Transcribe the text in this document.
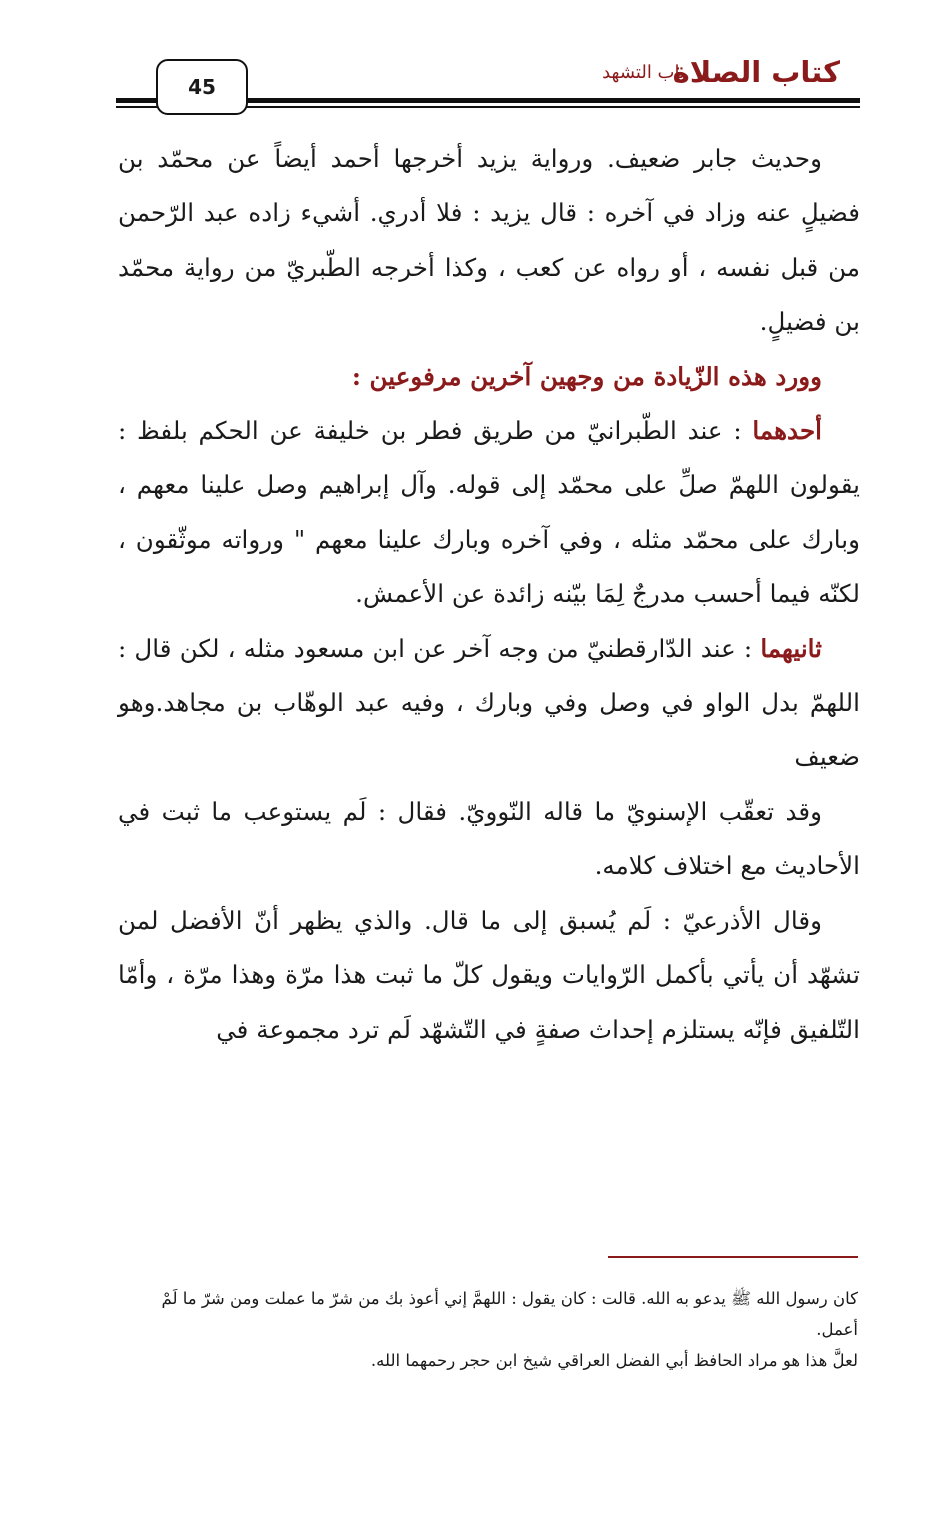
كتاب الصلاة
باب التشهد
45

وحديث جابر ضعيف. ورواية يزيد أخرجها أحمد أيضاً عن محمّد بن فضيلٍ عنه وزاد في آخره : قال يزيد : فلا أدري. أشيء زاده عبد الرّحمن من قبل نفسه ، أو رواه عن كعب ، وكذا أخرجه الطّبريّ من رواية محمّد بن فضيلٍ.

وورد هذه الزّيادة من وجهين آخرين مرفوعين :

أحدهما : عند الطّبرانيّ من طريق فطر بن خليفة عن الحكم بلفظ : يقولون اللهمّ صلِّ على محمّد إلى قوله. وآل إبراهيم وصل علينا معهم ، وبارك على محمّد مثله ، وفي آخره وبارك علينا معهم " ورواته موثّقون ، لكنّه فيما أحسب مدرجٌ لِمَا بيّنه زائدة عن الأعمش.

ثانيهما : عند الدّارقطنيّ من وجه آخر عن ابن مسعود مثله ، لكن قال : اللهمّ بدل الواو في وصل وفي وبارك ، وفيه عبد الوهّاب بن مجاهد.وهو ضعيف

وقد تعقّب الإسنويّ ما قاله النّوويّ. فقال : لَم يستوعب ما ثبت في الأحاديث مع اختلاف كلامه.

وقال الأذرعيّ : لَم يُسبق إلى ما قال. والذي يظهر أنّ الأفضل لمن تشهّد أن يأتي بأكمل الرّوايات ويقول كلّ ما ثبت هذا مرّة وهذا مرّة ، وأمّا التّلفيق فإنّه يستلزم إحداث صفةٍ في التّشهّد لَم ترد مجموعة في

كان رسول الله ﷺ يدعو به الله. قالت : كان يقول : اللهمَّ إني أعوذ بك من شرّ ما عملت ومن شرّ ما لَمْ أعمل.

لعلَّ هذا هو مراد الحافظ أبي الفضل العراقي شيخ ابن حجر رحمهما الله.
